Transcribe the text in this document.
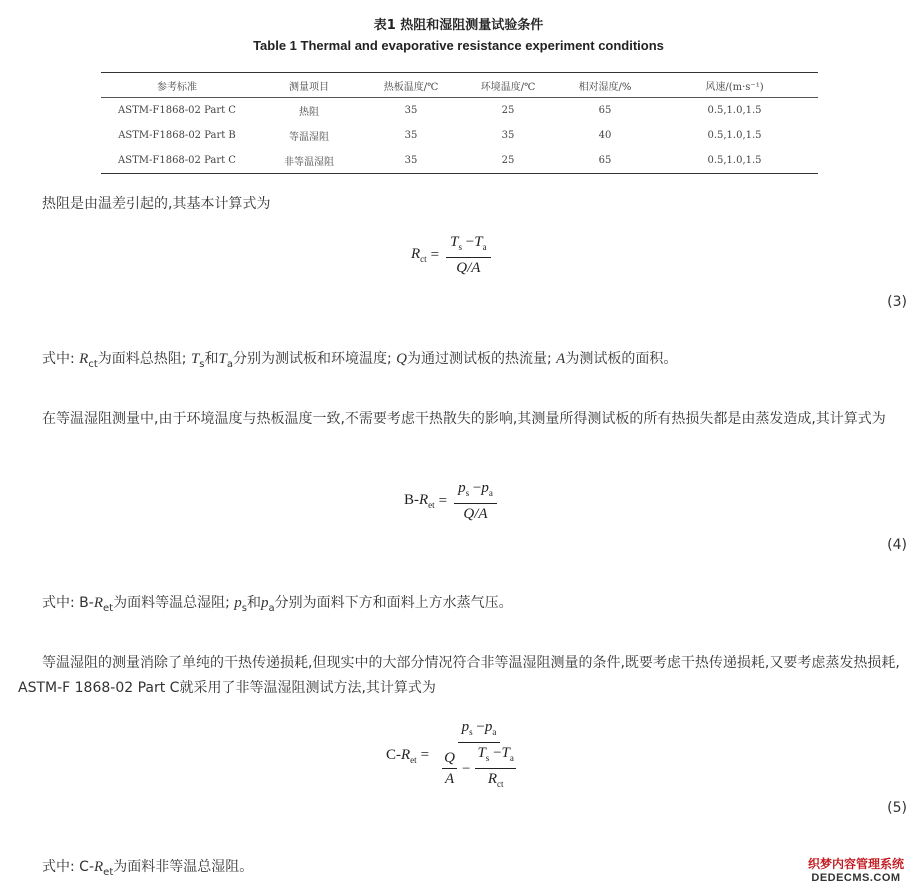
表1 热阻和湿阻测量试验条件
Table 1 Thermal and evaporative resistance experiment conditions
参考标准	测量项目	热板温度/℃	环境温度/℃	相对湿度/%	风速/(m·s⁻¹)
ASTM-F1868-02 Part C	热阻	35	25	65	0.5,1.0,1.5
ASTM-F1868-02 Part B	等温湿阻	35	35	40	0.5,1.0,1.5
ASTM-F1868-02 Part C	非等温湿阻	35	25	65	0.5,1.0,1.5
热阻是由温差引起的,其基本计算式为
$R_{ct} = \frac{T_s -T_a}{Q/A}$
(3)
式中: $R_{ct}$为面料总热阻; $T_s$和$T_a$分别为测试板和环境温度; Q为通过测试板的热流量; A为测试板的面积。
在等温湿阻测量中,由于环境温度与热板温度一致,不需要考虑干热散失的影响,其测量所得测试板的所有热损失都是由蒸发造成,其计算式为
$B-R_{et} = \frac{p_s -p_a}{Q/A}$
(4)
式中: $B-R_{et}$为面料等温总湿阻; $p_s$和$p_a$分别为面料下方和面料上方水蒸气压。
等温湿阻的测量消除了单纯的干热传递损耗,但现实中的大部分情况符合非等温湿阻测量的条件,既要考虑干热传递损耗,又要考虑蒸发热损耗, ASTM-F 1868-02 Part C就采用了非等温湿阻测试方法,其计算式为
$C-R_{et} = \frac{p_s -p_a}{\frac{Q}{A} - \frac{T_s -T_a}{R_{ct}}}$
(5)
式中: $C-R_{et}$为面料非等温总湿阻。	织梦内容管理系统
DEDECMS.COM
